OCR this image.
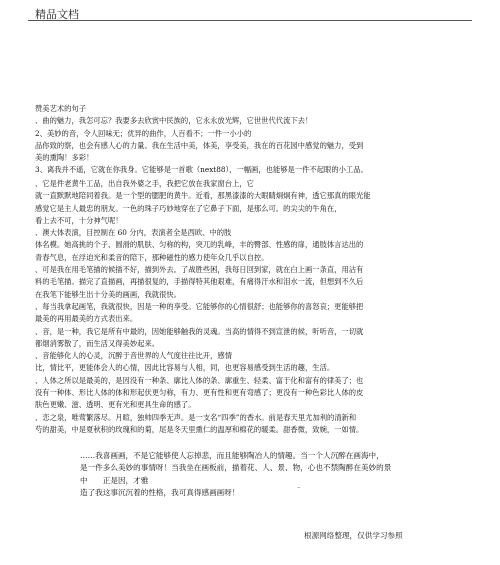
精品文档

赞美艺术的句子

、曲的魅力，我怎可忘？我要多去欣赏中民族的，它永永放光辉，它世世代代流下去！

2、美妙的音，令人回味无；优异的曲作，人百看不；一件一小小的

品你致的察，也会有感人心的力量。我在生活中美，体美，享受美，我在的百花园中感觉的魅力，受到

美的熏陶！多彩！

3、离我并不遥，它就在你我身。它能够是一首歌（next88），一幅画，也能够是一件不起眼的小工品。

、它是件老黄牛工品，出自我外婆之手，我把它放在我家窗台上，它

就一直默默地陪同着我。是一个型的腮肥的黄牛。近看，那黑漆漆的大眼睛炯炯有神，透它那真的眼光能

感觉它是主人最忠的朋友。一色的珠子巧妙地穿在了它鼻子下面，是那么可。的尖尖的牛角在，

看上去不可，十分神气呢！

、澳大体表演，目控制在 60 分内，表演者全是西欧、中的肢

体名模。她高挑的个子、圆滑的肌肤、匀称的构，突兀的乳峰，丰的臀部、性感的扉，通肢体言达出的

青春气息，在浮迫光和柔音的陪下，那种磁性的感力使年众几乎以自控。

、可是我在用毛笔描的候插不好，描到外去。了战胜些困，我每日回到家，就在白上画一条直，用沾有

料的毛笔描。描完了直描画，再描很复的，手描得特其他艰难，有痛得汗水和泪水一流，但想到不久后

在我笔下能够生出十分美的画画，我就很快。

、每当我拿起画笔，我就很快，因是一种的享受。它能够你的心情很舒；也能够你的喜怒哀；更能够把

最美的再用最美的方式表出来。

、音，是一种，我它是所有中最的，因她能够触我的灵魂。当高的情得不到宣泄的候，听听音，一切就

都烟消雾散了，而生活又得美妙起来。

、音能够化人的心灵，沉醉于音世界的人气度往往比开，感情

比，情比平，更能体会人的心情，因此比容易与人相，同，也更容易感受到生活的趣，生活。

、人体之所以是最美的，是因没有一种条、廓比人体的条、廓重生、轻柔、富于化和富有的律美了；也

没有一种体、形比人体的体和形起伏更匀称，有力、更有性和更有弯感了；更没有一种色彩比人体的皮

肤色更嫩、滋、透明、更有光和更具生命的感了。

、恋之泉，唯莺繁落尽。月暄，独帅四季无声。是一支名“四季”的香水。前是春天里尤加利的清新和

芍的甜美，中是夏秋积的玫瑰和的菊，尾是冬天里熏仁的温厚和棉花的暖柔。甜香微，致婉，一如情。

……我喜画画，不是它能够使人忘掉悲，而且能够陶冶人的情趣。当一个人沉醉在画海中，

是一件多么美妙的事情呀！当我坐在画板前，描着花、人、景、物，心也不禁陶醉在美妙的景

中　　正是因，才雅

造了我这事沉沉着的性格，我可真得感画画呀！

–
根源网络整理，仅供学习参照
